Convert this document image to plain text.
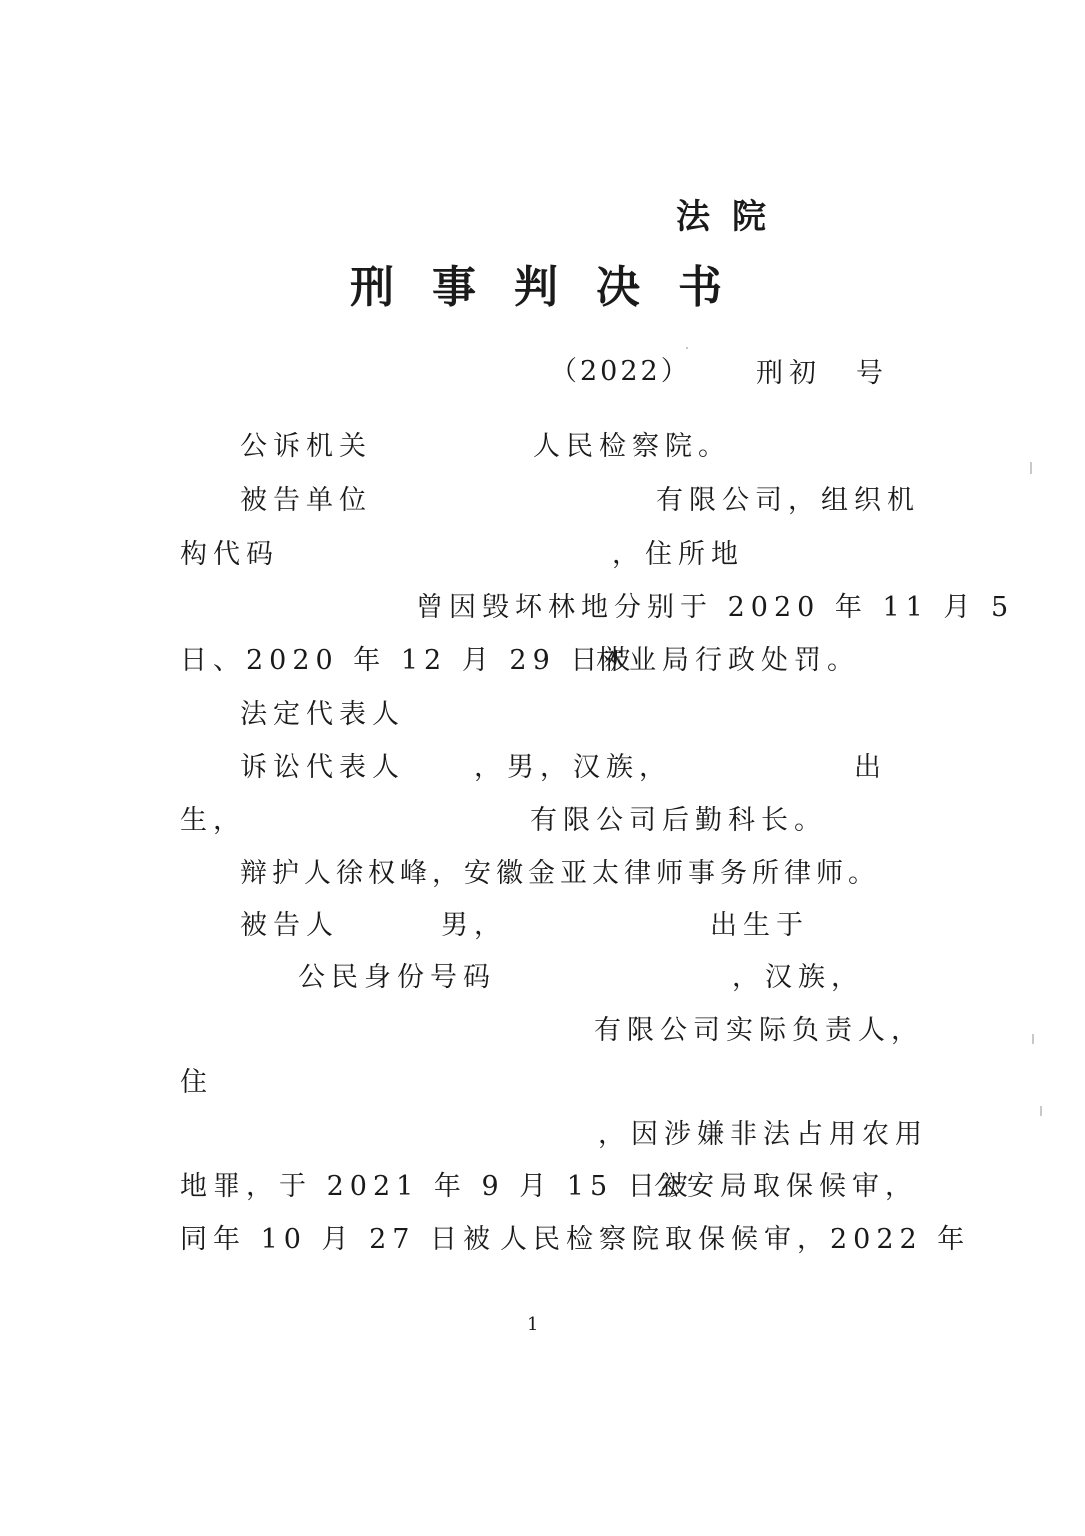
法院
刑事判决书
（2022） 刑初 号
公诉机关	人民检察院。
被告单位	有限公司，组织机
构代码	，住所地
曾因毁坏林地分别于 2020 年 11 月 5
日、2020 年 12 月 29 日被
林业局行政处罚。
法定代表人
诉讼代表人	，男，汉族，	出
生，	有限公司后勤科长。
辩护人徐权峰，安徽金亚太律师事务所律师。
被告人	男，	出生于
公民身份号码	，汉族，
有限公司实际负责人，
住
，因涉嫌非法占用农用
地罪，于 2021 年 9 月 15 日被
公安局取保候审，
同年 10 月 27 日被 人民检察院取保候审，2022 年
1
